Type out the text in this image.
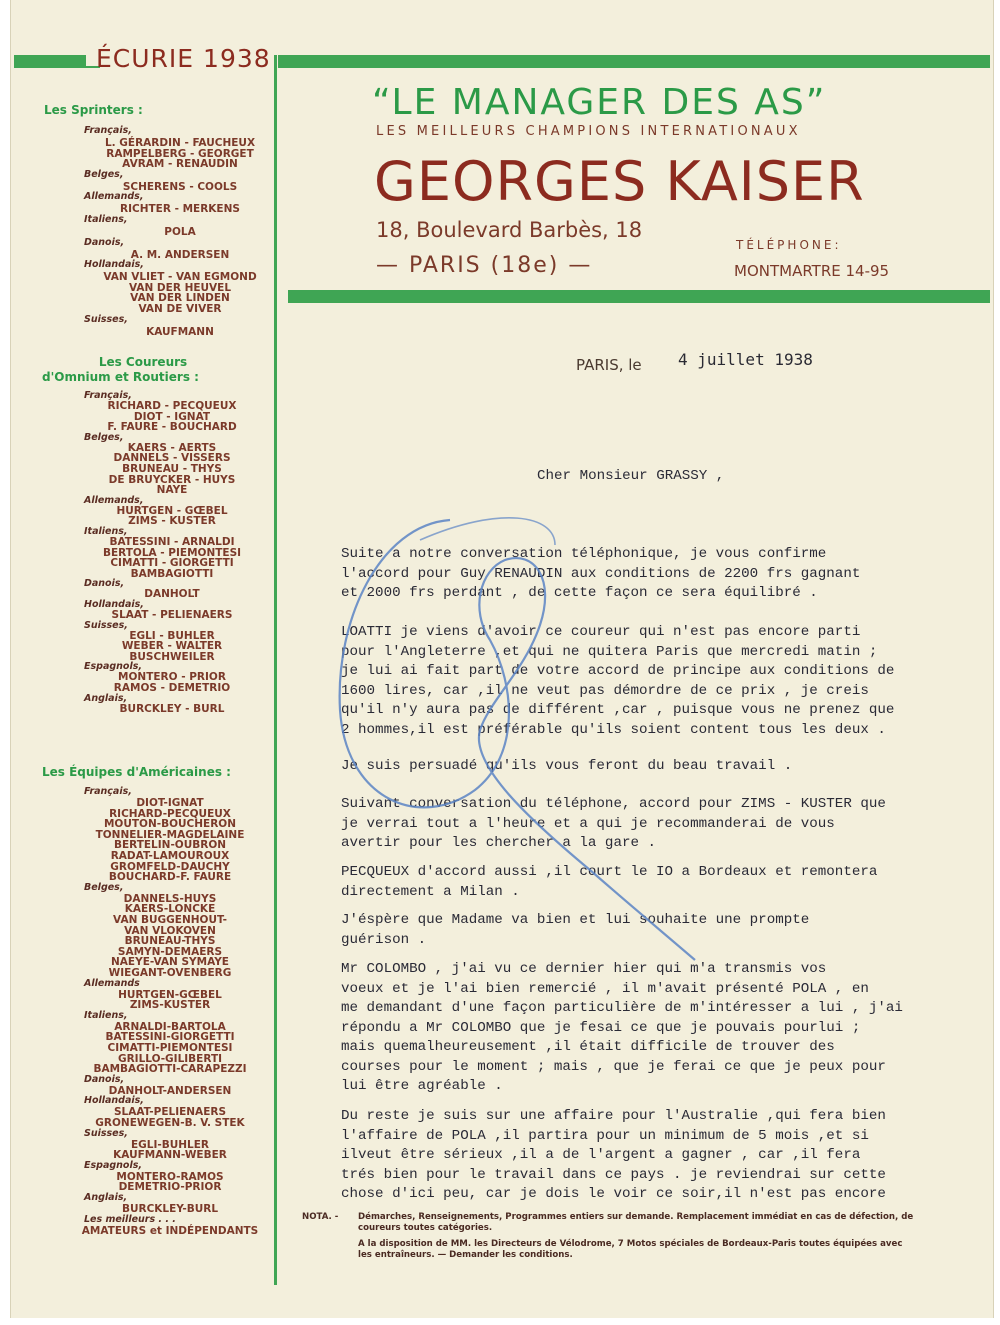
ÉCURIE 1938
Les Sprinters :
Les Coureurs
d'Omnium et Routiers :
Les Équipes d'Américaines :
Français,
L. GÉRARDIN - FAUCHEUX
RAMPELBERG - GEORGET
AVRAM - RENAUDIN
Belges,
SCHERENS - COOLS
Allemands,
RICHTER - MERKENS
Italiens,
POLA
Danois,
A. M. ANDERSEN
Hollandais,
VAN VLIET - VAN EGMOND
VAN DER HEUVEL
VAN DER LINDEN
VAN DE VIVER
Suisses,
KAUFMANN
Français,
RICHARD - PECQUEUX
DIOT - IGNAT
F. FAURE - BOUCHARD
Belges,
KAERS - AERTS
DANNELS - VISSERS
BRUNEAU - THYS
DE BRUYCKER - HUYS
NAYE
Allemands,
HURTGEN - GŒBEL
ZIMS - KUSTER
Italiens,
BATESSINI - ARNALDI
BERTOLA - PIEMONTESI
CIMATTI - GIORGETTI
BAMBAGIOTTI
Danois,
DANHOLT
Hollandais,
SLAAT - PELIENAERS
Suisses,
EGLI - BUHLER
WEBER - WALTER
BUSCHWEILER
Espagnols,
MONTERO - PRIOR
RAMOS - DEMETRIO
Anglais,
BURCKLEY - BURL
Français,
DIOT-IGNAT
RICHARD-PECQUEUX
MOUTON-BOUCHERON
TONNELIER-MAGDELAINE
BERTELIN-OUBRON
RADAT-LAMOUROUX
GROMFELD-DAUCHY
BOUCHARD-F. FAURE
Belges,
DANNELS-HUYS
KAERS-LONCKE
VAN BUGGENHOUT-
VAN VLOKOVEN
BRUNEAU-THYS
SAMYN-DEMAERS
NAEYE-VAN SYMAYE
WIEGANT-OVENBERG
Allemands
HURTGEN-GŒBEL
ZIMS-KUSTER
Italiens,
ARNALDI-BARTOLA
BATESSINI-GIORGETTI
CIMATTI-PIEMONTESI
GRILLO-GILIBERTI
BAMBAGIOTTI-CARAPEZZI
Danois,
DANHOLT-ANDERSEN
Hollandais,
SLAAT-PELIENAERS
GRONEWEGEN-B. V. STEK
Suisses,
EGLI-BUHLER
KAUFMANN-WEBER
Espagnols,
MONTERO-RAMOS
DEMETRIO-PRIOR
Anglais,
BURCKLEY-BURL
Les meilleurs . . .
AMATEURS et INDÉPENDANTS
“LE MANAGER DES AS”
LES MEILLEURS CHAMPIONS INTERNATIONAUX
GEORGES KAISER
18, Boulevard Barbès, 18
— PARIS (18e) —
TÉLÉPHONE:
MONTMARTRE 14-95
PARIS, le 4 juillet 1938
Cher Monsieur GRASSY ,
Suite a notre conversation téléphonique, je vous confirme
l'accord pour Guy RENAUDIN aux conditions de 2200 frs gagnant
et 2000 frs perdant , de cette façon ce sera équilibré .
LOATTI je viens d'avoir ce coureur qui n'est pas encore parti
pour l'Angleterre ,et qui ne quitera Paris que mercredi matin ;
je lui ai fait part de votre accord de principe aux conditions de
1600 lires, car ,il ne veut pas démordre de ce prix , je creis
qu'il n'y aura pas de différent ,car , puisque vous ne prenez que
2 hommes,il est préférable qu'ils soient content tous les deux .
Je suis persuadé qu'ils vous feront du beau travail .
Suivant conversation du téléphone, accord pour ZIMS - KUSTER que
je verrai tout a l'heure et a qui je recommanderai de vous
avertir pour les chercher a la gare .
PECQUEUX d'accord aussi ,il court le IO a Bordeaux et remontera
directement a Milan .
J'éspère que Madame va bien et lui souhaite une prompte
guérison .
Mr COLOMBO , j'ai vu ce dernier hier qui m'a transmis vos
voeux et je l'ai bien remercié , il m'avait présenté POLA , en
me demandant d'une façon particulière de m'intéresser a lui , j'ai
répondu a Mr COLOMBO que je fesai ce que je pouvais pourlui ;
mais quemalheureusement ,il était difficile de trouver des
courses pour le moment ; mais , que je ferai ce que je peux pour
lui être agréable .
Du reste je suis sur une affaire pour l'Australie ,qui fera bien
l'affaire de POLA ,il partira pour un minimum de 5 mois ,et si
ilveut être sérieux ,il a de l'argent a gagner , car ,il fera
trés bien pour le travail dans ce pays . je reviendrai sur cette
chose d'ici peu, car je dois le voir ce soir,il n'est pas encore
NOTA. - Démarches, Renseignements, Programmes entiers sur demande. Remplacement immédiat en cas de défection, de
coureurs toutes catégories.
A la disposition de MM. les Directeurs de Vélodrome, 7 Motos spéciales de Bordeaux-Paris toutes équipées avec
les entraîneurs. — Demander les conditions.
